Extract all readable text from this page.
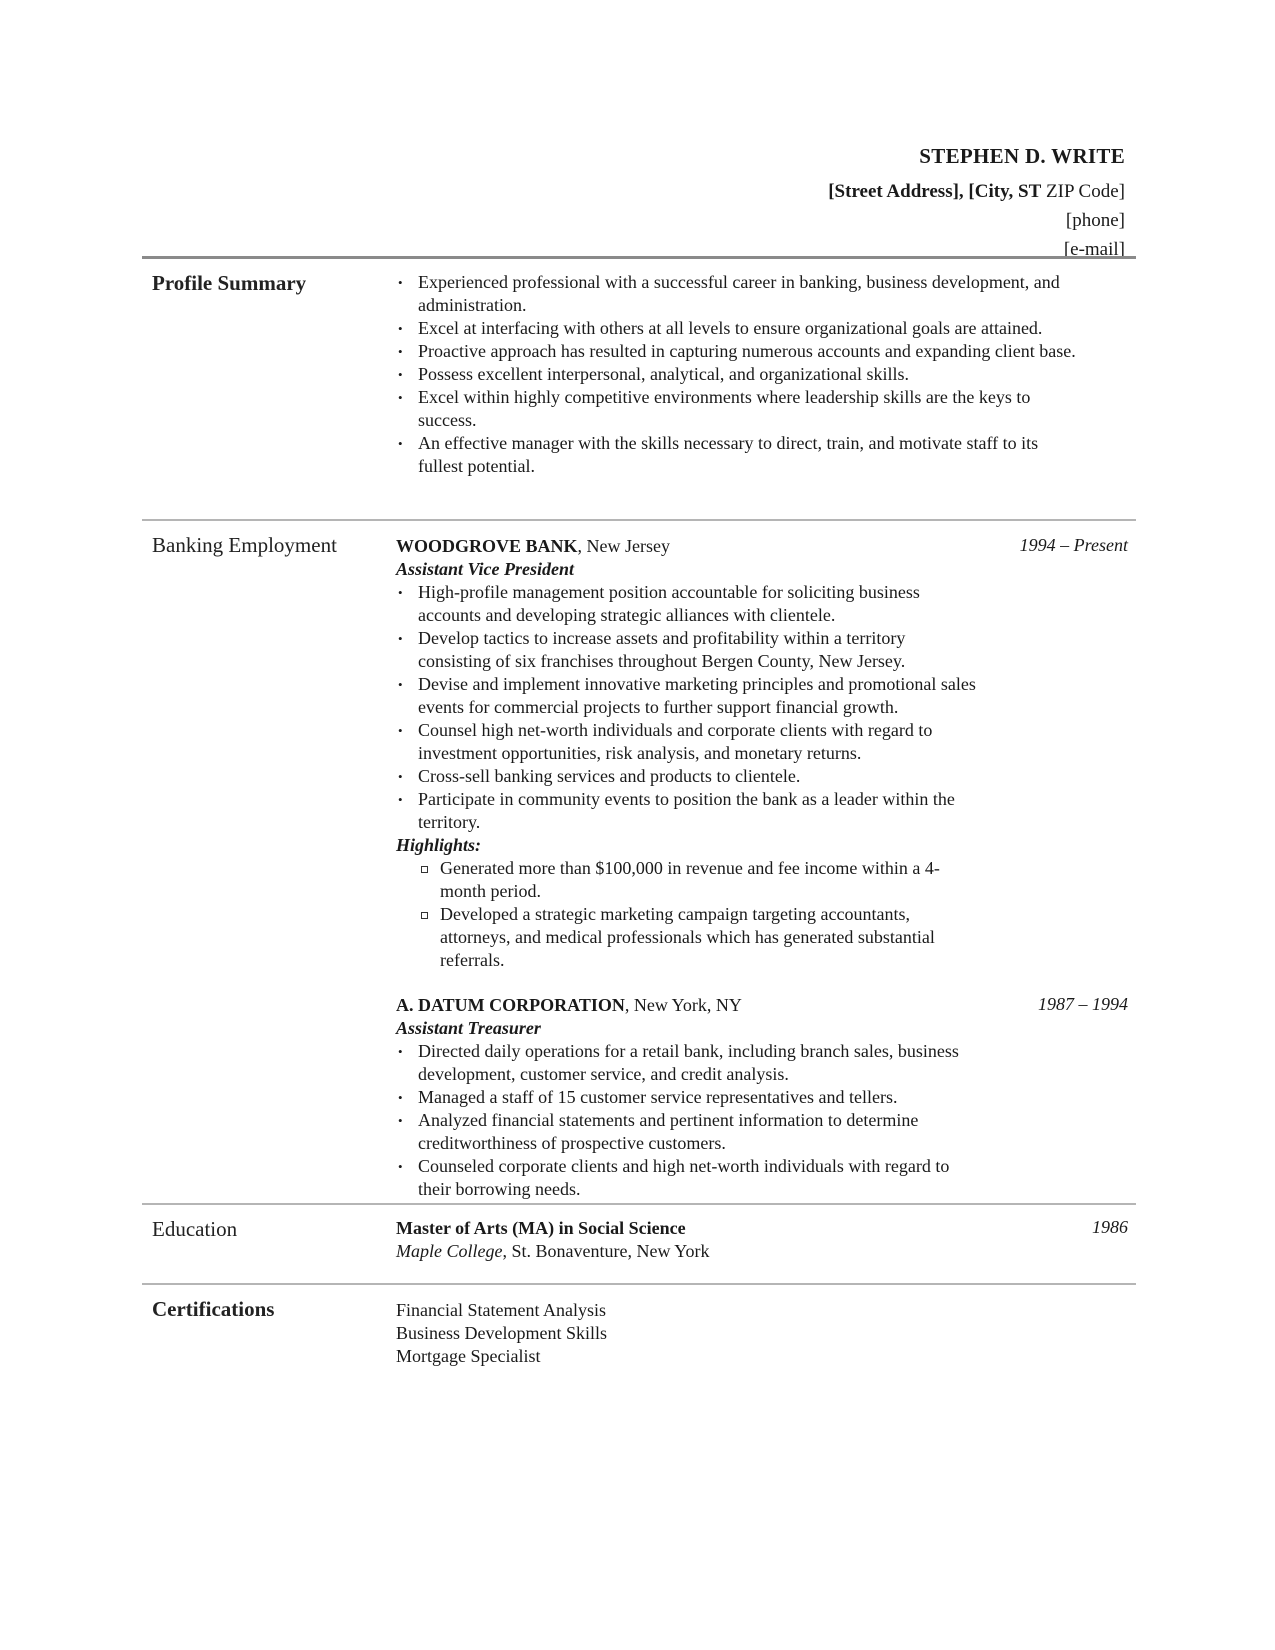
STEPHEN D. WRITE
[Street Address], [City, ST ZIP Code]
[phone]
[e-mail]
Profile Summary
•	Experienced professional with a successful career in banking, business development, and administration.
• Excel at interfacing with others at all levels to ensure organizational goals are attained.
• Proactive approach has resulted in capturing numerous accounts and expanding client base.
• Possess excellent interpersonal, analytical, and organizational skills.
• Excel within highly competitive environments where leadership skills are the keys to success.
• An effective manager with the skills necessary to direct, train, and motivate staff to its fullest potential.
Banking Employment	WOODGROVE BANK, New Jersey	1994 – Present
Assistant Vice President
• High-profile management position accountable for soliciting business accounts and developing strategic alliances with clientele.
• Develop tactics to increase assets and profitability within a territory consisting of six franchises throughout Bergen County, New Jersey.
• Devise and implement innovative marketing principles and promotional sales events for commercial projects to further support financial growth.
• Counsel high net-worth individuals and corporate clients with regard to investment opportunities, risk analysis, and monetary returns.
• Cross-sell banking services and products to clientele.
• Participate in community events to position the bank as a leader within the territory.
Highlights:
Generated more than $100,000 in revenue and fee income within a 4-month period.
Developed a strategic marketing campaign targeting accountants, attorneys, and medical professionals which has generated substantial referrals.
A. DATUM CORPORATION, New York, NY	1987 – 1994
Assistant Treasurer
• Directed daily operations for a retail bank, including branch sales, business development, customer service, and credit analysis.
• Managed a staff of 15 customer service representatives and tellers.
• Analyzed financial statements and pertinent information to determine creditworthiness of prospective customers.
• Counseled corporate clients and high net-worth individuals with regard to their borrowing needs.
Education	Master of Arts (MA) in Social Science
Maple College, St. Bonaventure, New York
1986
Certifications	Financial Statement Analysis
Business Development Skills
Mortgage Specialist
